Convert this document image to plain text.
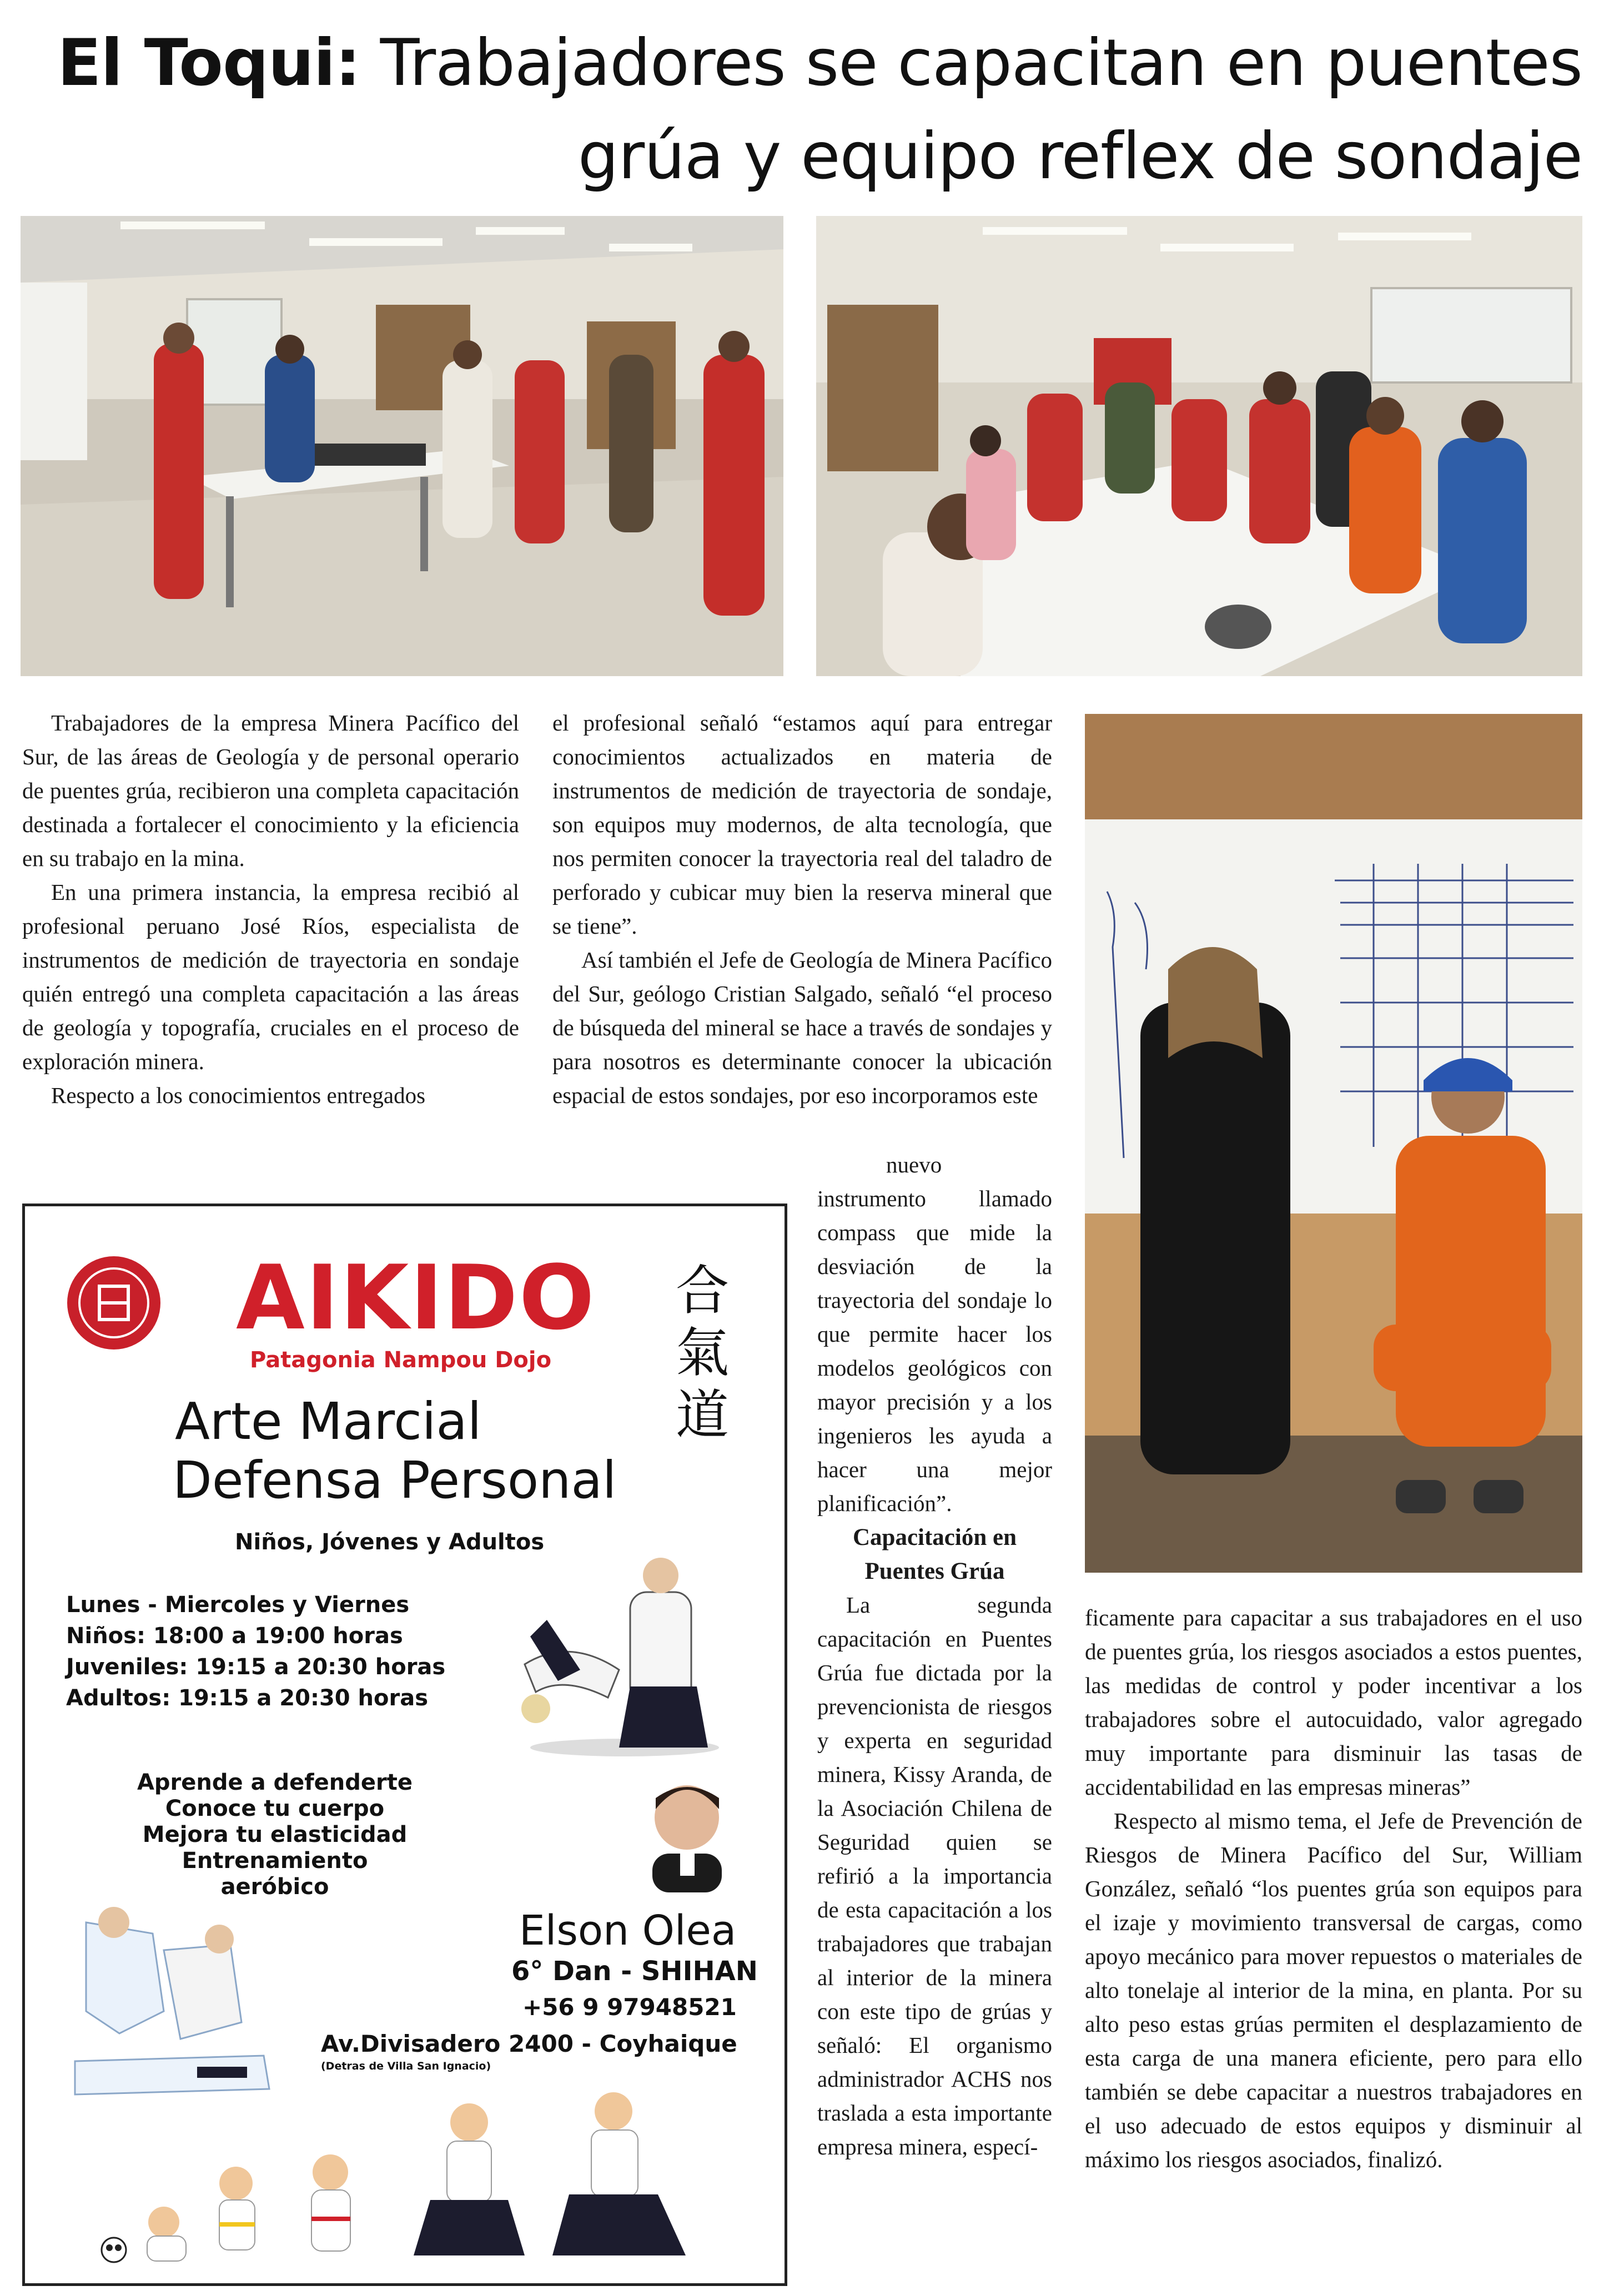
El Toqui: Trabajadores se capacitan en puentes
grúa y equipo reflex de sondaje

Trabajadores de la empresa Minera Pacífico del Sur, de las áreas de Geología y de personal operario de puentes grúa, recibieron una completa capacitación destinada a fortalecer el conocimiento y la eficiencia en su trabajo en la mina.

En una primera instancia, la empresa recibió al profesional peruano José Ríos, especialista de instrumentos de medición de trayectoria en sondaje quién entregó una completa capacitación a las áreas de geología y topografía, cruciales en el proceso de exploración minera.

Respecto a los conocimientos entregados

el profesional señaló “estamos aquí para entregar conocimientos actualizados en materia de instrumentos de medición de trayectoria de sondaje, son equipos muy modernos, de alta tecnología, que nos permiten conocer la trayectoria real del taladro de perforado y cubicar muy bien la reserva mineral que se tiene”.

Así también el Jefe de Geología de Minera Pacífico del Sur, geólogo Cristian Salgado, señaló “el proceso de búsqueda del mineral se hace a través de sondajes y para nosotros es determinante conocer la ubicación espacial de estos sondajes, por eso incorporamos este

nuevo instrumento llamado compass que mide la desviación de la trayectoria del sondaje lo que permite hacer los modelos geológicos con mayor precisión y a los ingenieros les ayuda a hacer una mejor planificación”.

Capacitación en Puentes Grúa

La segunda capacitación en Puentes Grúa fue dictada por la prevencionista de riesgos y experta en seguridad minera, Kissy Aranda, de la Asociación Chilena de Seguridad quien se refirió a la importancia de esta capacitación a los trabajadores que trabajan al interior de la minera con este tipo de grúas y señaló: El organismo administrador ACHS nos traslada a esta importante empresa minera, especí-

ficamente para capacitar a sus trabajadores en el uso de puentes grúa, los riesgos asociados a estos puentes, las medidas de control y poder incentivar a los trabajadores sobre el autocuidado, valor agregado muy importante para disminuir las tasas de accidentabilidad en las empresas mineras”

Respecto al mismo tema, el Jefe de Prevención de Riesgos de Minera Pacífico del Sur, William González, señaló “los puentes grúa son equipos para el izaje y movimiento transversal de cargas, como apoyo mecánico para mover repuestos o materiales de alto tonelaje al interior de la mina, en planta. Por su alto peso estas grúas permiten el desplazamiento de esta carga de una manera eficiente, pero para ello también se debe capacitar a nuestros trabajadores en el uso adecuado de estos equipos y disminuir al máximo los riesgos asociados, finalizó.

AIKIDO
Patagonia Nampou Dojo
合
氣
道
Arte Marcial
Defensa Personal
Niños, Jóvenes y Adultos
Lunes - Miercoles y Viernes
Niños: 18:00 a 19:00 horas
Juveniles: 19:15 a 20:30 horas
Adultos: 19:15 a 20:30 horas
Aprende a defenderte
Conoce tu cuerpo
Mejora tu elasticidad
Entrenamiento aeróbico
Elson Olea
6° Dan - SHIHAN
+56 9 97948521
Av.Divisadero 2400 - Coyhaique
(Detras de Villa San Ignacio)
